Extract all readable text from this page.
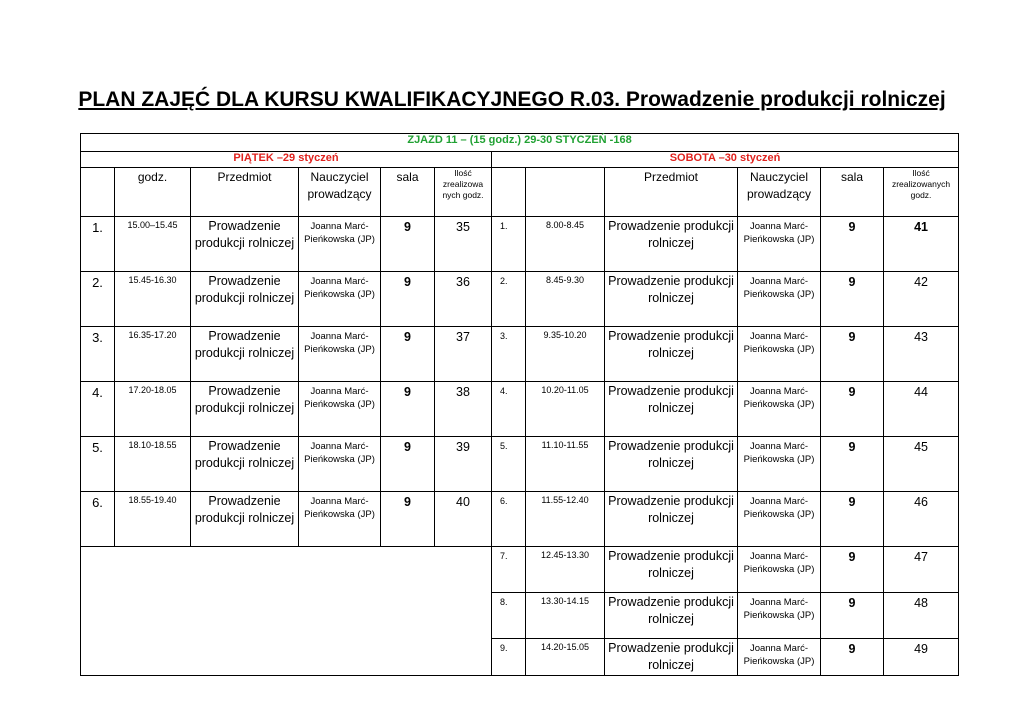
PLAN ZAJĘĆ DLA KURSU KWALIFIKACYJNEGO R.03. Prowadzenie produkcji rolniczej
ZJAZD 11 – (15 godz.) 29-30 STYCZEŃ -168											
PIĄTEK –29 styczeń						SOBOTA –30 styczeń					
	godz.	Przedmiot	Nauczyciel prowadzący	sala	Ilość zrealizowa nych godz.			Przedmiot	Nauczyciel prowadzący	sala	Ilość zrealizowanych godz.
1.	15.00–15.45	Prowadzenie produkcji rolniczej	Joanna Marć-Pieńkowska (JP)	9	35	1.	8.00-8.45	Prowadzenie produkcji rolniczej	Joanna Marć-Pieńkowska (JP)	9	41
2.	15.45-16.30	Prowadzenie produkcji rolniczej	Joanna Marć-Pieńkowska (JP)	9	36	2.	8.45-9.30	Prowadzenie produkcji rolniczej	Joanna Marć-Pieńkowska (JP)	9	42
3.	16.35-17.20	Prowadzenie produkcji rolniczej	Joanna Marć-Pieńkowska (JP)	9	37	3.	9.35-10.20	Prowadzenie produkcji rolniczej	Joanna Marć-Pieńkowska (JP)	9	43
4.	17.20-18.05	Prowadzenie produkcji rolniczej	Joanna Marć-Pieńkowska (JP)	9	38	4.	10.20-11.05	Prowadzenie produkcji rolniczej	Joanna Marć-Pieńkowska (JP)	9	44
5.	18.10-18.55	Prowadzenie produkcji rolniczej	Joanna Marć-Pieńkowska (JP)	9	39	5.	11.10-11.55	Prowadzenie produkcji rolniczej	Joanna Marć-Pieńkowska (JP)	9	45
6.	18.55-19.40	Prowadzenie produkcji rolniczej	Joanna Marć-Pieńkowska (JP)	9	40	6.	11.55-12.40	Prowadzenie produkcji rolniczej	Joanna Marć-Pieńkowska (JP)	9	46
						7.	12.45-13.30	Prowadzenie produkcji rolniczej	Joanna Marć-Pieńkowska (JP)	9	47
						8.	13.30-14.15	Prowadzenie produkcji rolniczej	Joanna Marć-Pieńkowska (JP)	9	48
						9.	14.20-15.05	Prowadzenie produkcji rolniczej	Joanna Marć-Pieńkowska (JP)	9	49
